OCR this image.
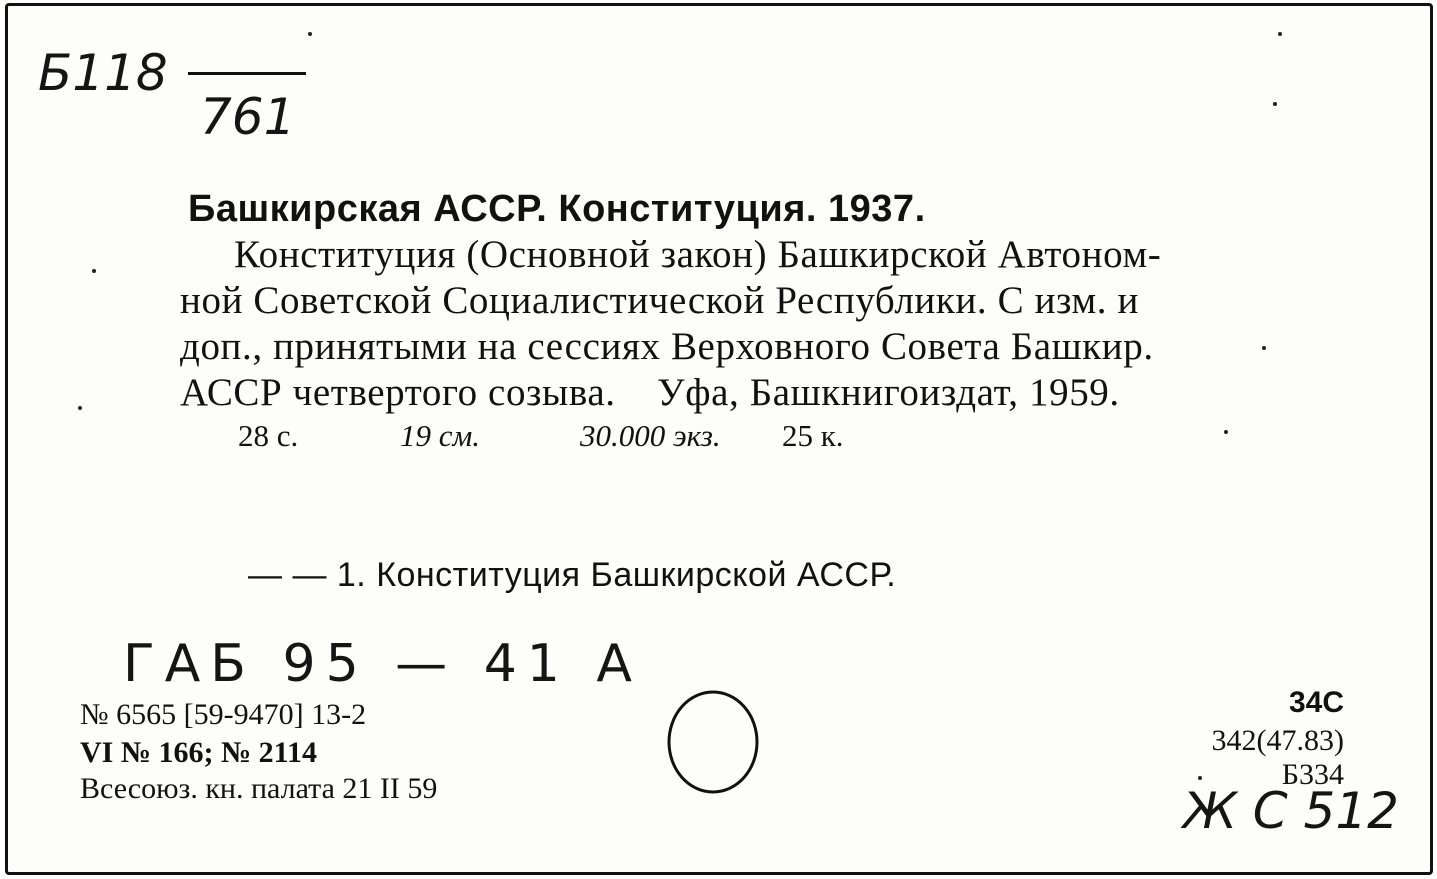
Б118
761
Башкирская АССР. Конституция. 1937.
Конституция (Основной закон) Башкирской Автоном-
ной Советской Социалистической Республики. С изм. и
доп., принятыми на сессиях Верховного Совета Башкир.
АССР четвертого созыва.    Уфа, Башкнигоиздат, 1959.
28 с.	19 см.	30.000 экз. 25 к.
— — 1. Конституция Башкирской АССР.
ГАБ 95 — 41 А
№ 6565 [59-9470] 13-2
VI № 166; № 2114
Всесоюз. кн. палата 21 II 59
34С
342(47.83)
Б334
Ж С 512
